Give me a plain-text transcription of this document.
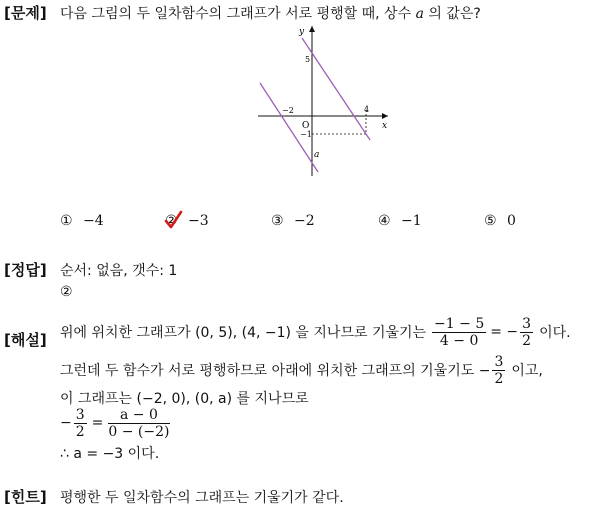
[문제] 다음 그림의 두 일차함수의 그래프가 서로 평행할 때, 상수 a 의 값은?
y
x
5
4
−2
O
−1
a
① −4	② −3	③ −2	④ −1	⑤ 0
[정답] 순서: 없음, 갯수: 1
②
[해설] 위에 위치한 그래프가 (0, 5), (4, −1) 을 지나므로 기울기는 $\frac{-1 - 5}{4 - 0}$ = − $\frac{3}{2}$ 이다.
그런데 두 함수가 서로 평행하므로 아래에 위치한 그래프의 기울기도 − $\frac{3}{2}$ 이고,
이 그래프는 (−2, 0), (0, a) 를 지나므로
− $\frac{3}{2} = \frac{a - 0}{0 - (-2)}$
∴ a = −3 이다.
[힌트] 평행한 두 일차함수의 그래프는 기울기가 같다.
